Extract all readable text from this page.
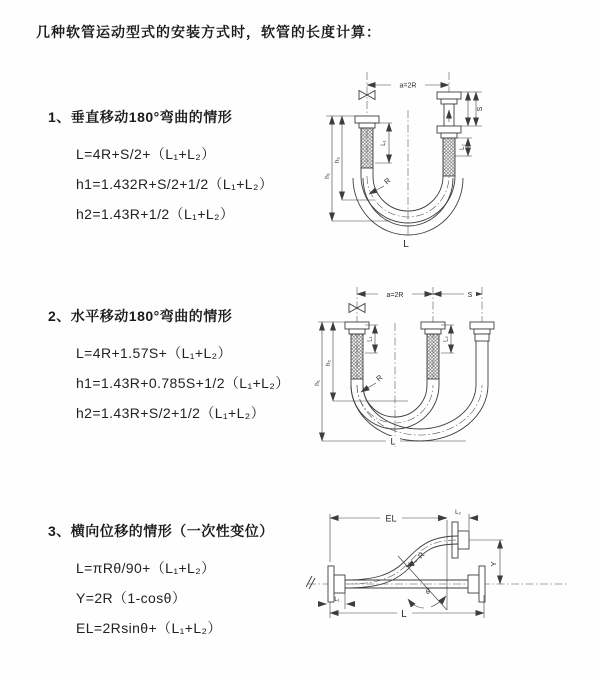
几种软管运动型式的安装方式时，软管的长度计算：
1、垂直移动180°弯曲的情形
L=4R+S/2+（L₁+L₂）
h1=1.432R+S/2+1/2（L₁+L₂）
h2=1.43R+1/2（L₁+L₂）
2、水平移动180°弯曲的情形
L=4R+1.57S+（L₁+L₂）
h1=1.43R+0.785S+1/2（L₁+L₂）
h2=1.43R+S/2+1/2（L₁+L₂）
3、横向位移的情形（一次性变位）
L=πRθ/90+（L₁+L₂）
Y=2R（1-cosθ）
EL=2Rsinθ+（L₁+L₂）
a=2R
h₁
h₂
L₁
S
L₂
R
L
a=2R	S
h₁
h₂
L
L₁	L₂
R
θ
R
EL
L₂
Y
L
L₁
